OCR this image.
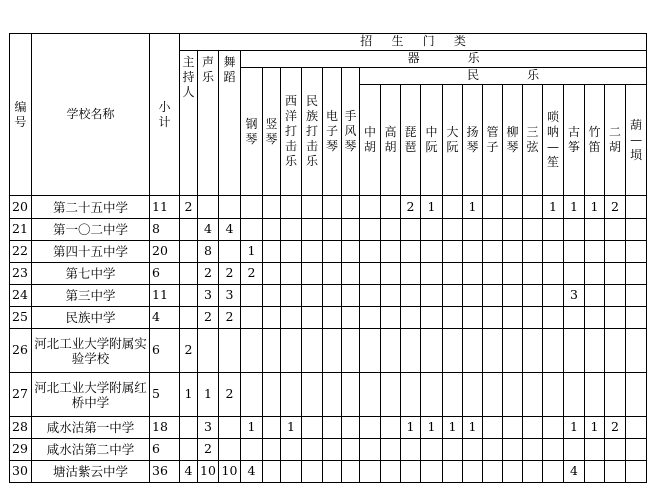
编号	学校名称	小计	招生门类																						
			主持人	声乐	舞蹈	器乐																			
						钢琴	竖琴	西洋打击乐	民族打击乐	电子琴	手风琴	民乐													
												中胡	高胡	琵琶	中阮	大阮	扬琴	管子	柳琴	三弦	唢呐—笙	古筝	竹笛	二胡	葫—埙
20	第二十五中学	11	2											2	1		1				1	1	1	2	
21	第一〇二中学	8		4	4																				
22	第四十五中学	20		8		1																			
23	第七中学	6		2	2	2																			
24	第三中学	11		3	3																	3			
25	民族中学	4		2	2																				
26	河北工业大学附属实验学校	6	2																						
27	河北工业大学附属红桥中学	5	1	1	2																				
28	咸水沽第一中学	18		3		1		1						1	1	1	1					1	1	2	
29	咸水沽第二中学	6		2																					
30	塘沽紫云中学	36	4	10	10	4																4			
